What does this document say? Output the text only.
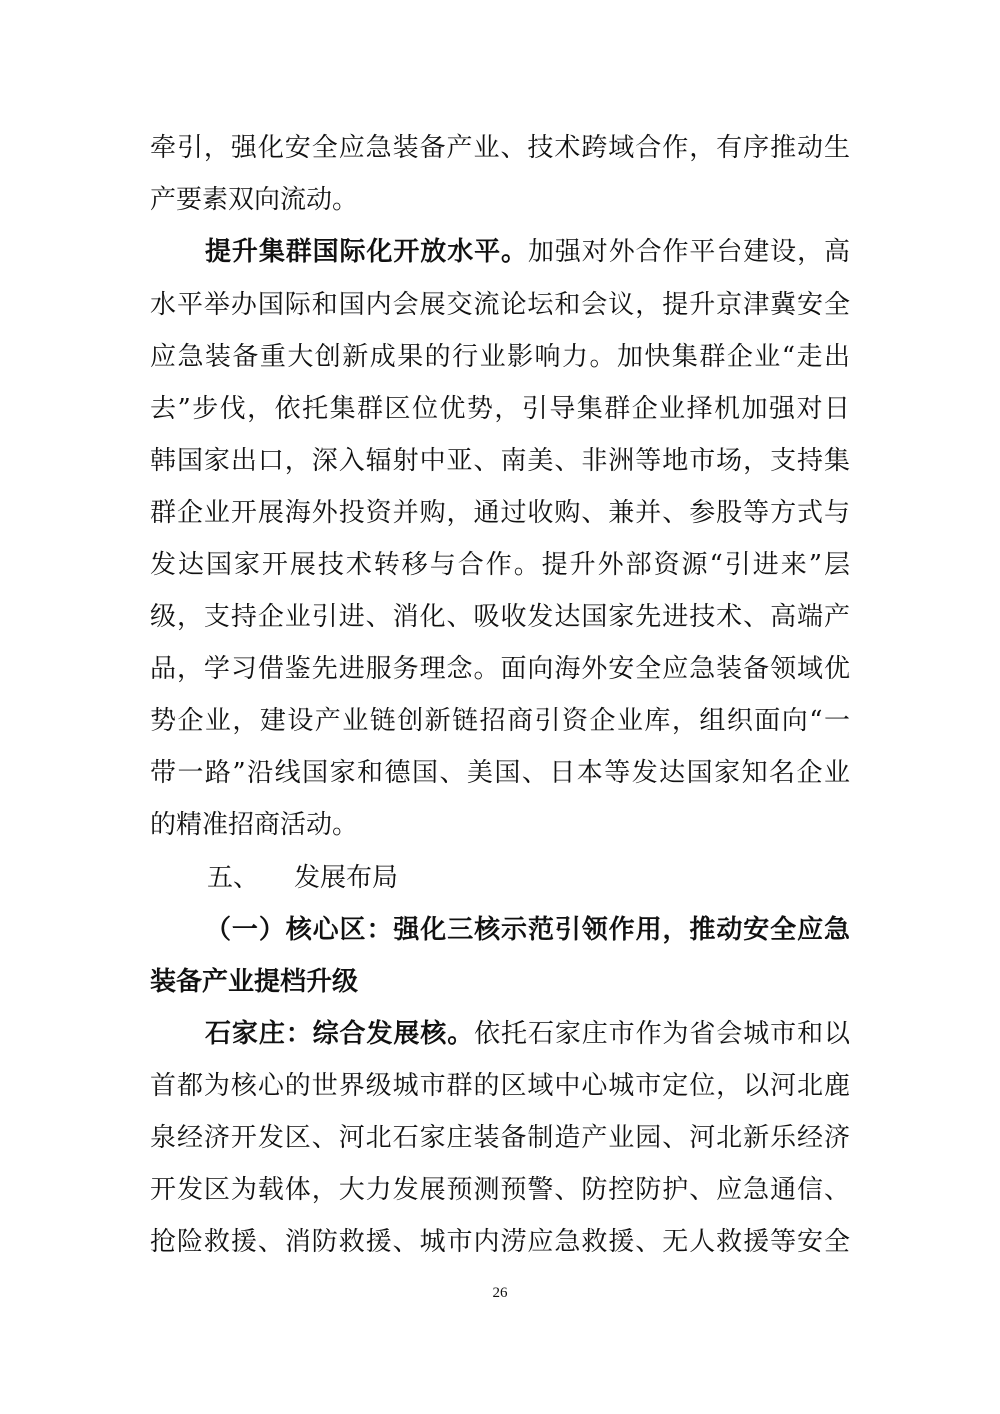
牵引，强化安全应急装备产业、技术跨域合作，有序推动生
产要素双向流动。
提升集群国际化开放水平。加强对外合作平台建设，高
水平举办国际和国内会展交流论坛和会议，提升京津冀安全
应急装备重大创新成果的行业影响力。加快集群企业“走出
去”步伐，依托集群区位优势，引导集群企业择机加强对日
韩国家出口，深入辐射中亚、南美、非洲等地市场，支持集
群企业开展海外投资并购，通过收购、兼并、参股等方式与
发达国家开展技术转移与合作。提升外部资源“引进来”层
级，支持企业引进、消化、吸收发达国家先进技术、高端产
品，学习借鉴先进服务理念。面向海外安全应急装备领域优
势企业，建设产业链创新链招商引资企业库，组织面向“一
带一路”沿线国家和德国、美国、日本等发达国家知名企业
的精准招商活动。
五、 发展布局
（一）核心区：强化三核示范引领作用，推动安全应急
装备产业提档升级
石家庄：综合发展核。依托石家庄市作为省会城市和以
首都为核心的世界级城市群的区域中心城市定位，以河北鹿
泉经济开发区、河北石家庄装备制造产业园、河北新乐经济
开发区为载体，大力发展预测预警、防控防护、应急通信、
抢险救援、消防救援、城市内涝应急救援、无人救援等安全
26
